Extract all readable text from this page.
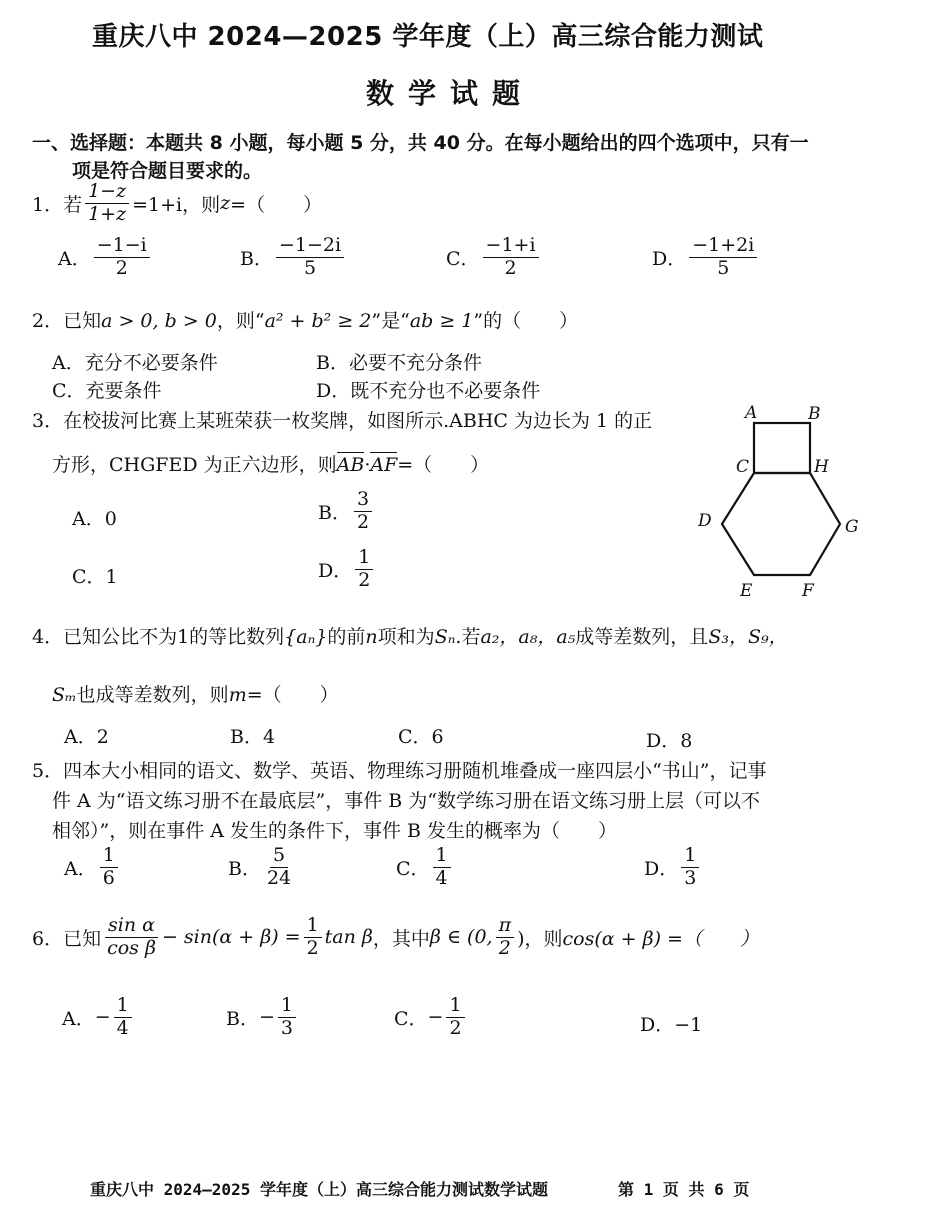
重庆八中 2024—2025 学年度（上）高三综合能力测试
数学试题
一、选择题：本题共 8 小题，每小题 5 分，共 40 分。在每小题给出的四个选项中，只有一
项是符合题目要求的。
1．若 $\frac{1-z}{1+z} =1+i$，则 z =（　　）
A． $\frac{-1-i}{2}$	B． $\frac{-1-2i}{5}$	C． $\frac{-1+i}{2}$	D． $\frac{-1+2i}{5}$
2．已知a > 0, b > 0，则“a² + b² ≥ 2”是“ab ≥ 1”的（　　）
A．充分不必要条件	B．必要不充分条件
C．充要条件	D．既不充分也不必要条件
3．在校拔河比赛上某班荣获一枚奖牌，如图所示.ABHC 为边长为 1 的正
方形，CHGFED 为正六边形，则AB·AF=（　　）
A．0	B． $\frac{3}{2}$
C．1	D． $\frac{1}{2}$
A	B
C	H
D	G
E	F
4．已知公比不为1的等比数列{aₙ}的前n项和为Sₙ.若a₂，a₈，a₅成等差数列，且S₃，S₉，
Sₘ也成等差数列，则m=（　　）
A．2	B．4	C．6	D．8
5．四本大小相同的语文、数学、英语、物理练习册随机堆叠成一座四层小“书山”，记事
件 A 为“语文练习册不在最底层”，事件 B 为“数学练习册在语文练习册上层（可以不
相邻）”，则在事件 A 发生的条件下，事件 B 发生的概率为（　　）
A． $\frac{1}{6}$	B． $\frac{5}{24}$	C． $\frac{1}{4}$	D． $\frac{1}{3}$
6．已知 $\frac{\text{sin α}}{\text{cos β}} - \sin(\alpha + \beta) = \frac{1}{2}$ tan β ，其中 β ∈ (0, $\frac{\pi}{2}$ )，则 cos(α + β) =（　　）
A． − $\frac{1}{4}$	B． − $\frac{1}{3}$	C． − $\frac{1}{2}$	D．−1
重庆八中 2024—2025 学年度（上）高三综合能力测试数学试题	第 1 页 共 6 页
